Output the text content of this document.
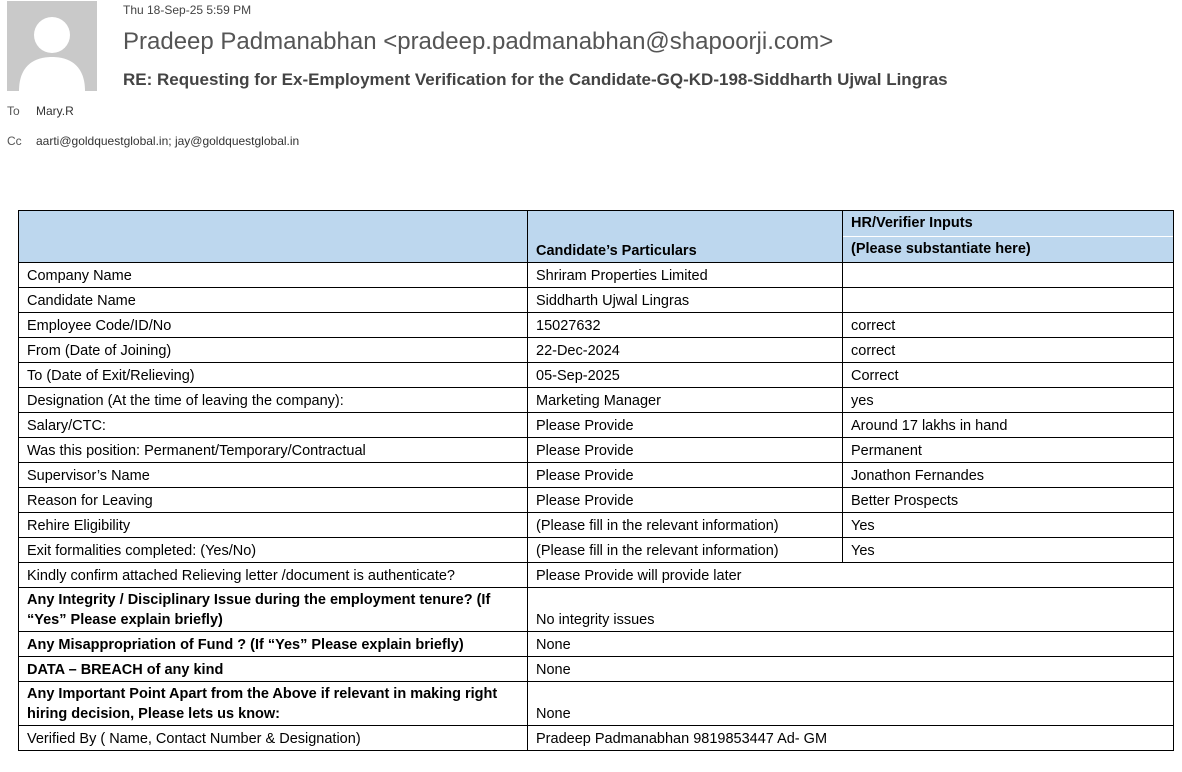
Thu 18-Sep-25 5:59 PM
Pradeep Padmanabhan <pradeep.padmanabhan@shapoorji.com>
RE: Requesting for Ex-Employment Verification for the Candidate-GQ-KD-198-Siddharth Ujwal Lingras
To Mary.R
Cc aarti@goldquestglobal.in; jay@goldquestglobal.in
	Candidate’s Particulars	HR/Verifier Inputs
(Please substantiate here)

Company Name	Shriram Properties Limited	
Candidate Name	Siddharth Ujwal Lingras	
Employee Code/ID/No	15027632	correct
From (Date of Joining)	22-Dec-2024	correct
To (Date of Exit/Relieving)	05-Sep-2025	Correct
Designation (At the time of leaving the company):	Marketing Manager	yes
Salary/CTC:	Please Provide	Around 17 lakhs in hand
Was this position: Permanent/Temporary/Contractual	Please Provide	Permanent
Supervisor’s Name	Please Provide	Jonathon Fernandes
Reason for Leaving	Please Provide	Better Prospects
Rehire Eligibility	(Please fill in the relevant information)	Yes
Exit formalities completed: (Yes/No)	(Please fill in the relevant information)	Yes
Kindly confirm attached Relieving letter /document is authenticate?	Please Provide will provide later	
Any Integrity / Disciplinary Issue during the employment tenure? (If “Yes” Please explain briefly)	No integrity issues	
Any Misappropriation of Fund ? (If “Yes” Please explain briefly)	None	
DATA – BREACH of any kind	None	
Any Important Point Apart from the Above if relevant in making right hiring decision, Please lets us know:	None	
Verified By ( Name, Contact Number & Designation)	Pradeep Padmanabhan 9819853447 Ad- GM	
